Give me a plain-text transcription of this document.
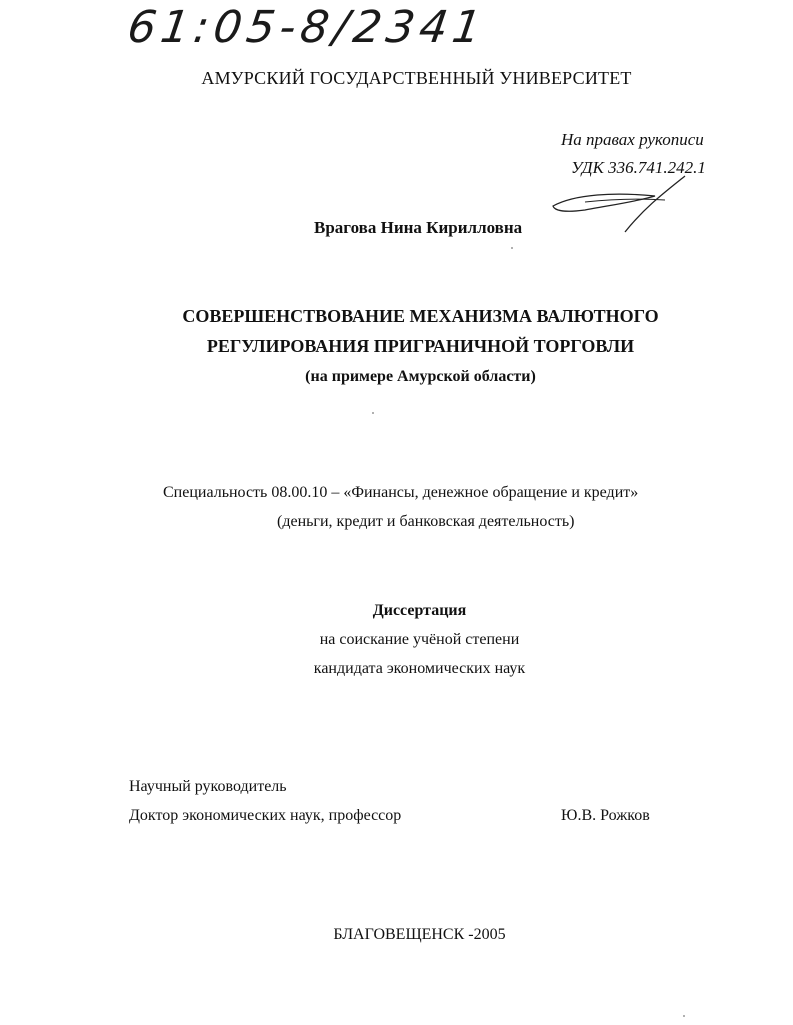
61:05-8/2341
АМУРСКИЙ ГОСУДАРСТВЕННЫЙ УНИВЕРСИТЕТ
На правах рукописи
УДК 336.741.242.1
Врагова Нина Кирилловна
СОВЕРШЕНСТВОВАНИЕ МЕХАНИЗМА ВАЛЮТНОГО
РЕГУЛИРОВАНИЯ ПРИГРАНИЧНОЙ ТОРГОВЛИ
(на примере Амурской области)
Специальность 08.00.10 – «Финансы, денежное обращение и кредит»
(деньги, кредит и банковская деятельность)
Диссертация
на соискание учёной степени
кандидата экономических наук
Научный руководитель
Доктор экономических наук, профессор	Ю.В. Рожков
БЛАГОВЕЩЕНСК -2005
